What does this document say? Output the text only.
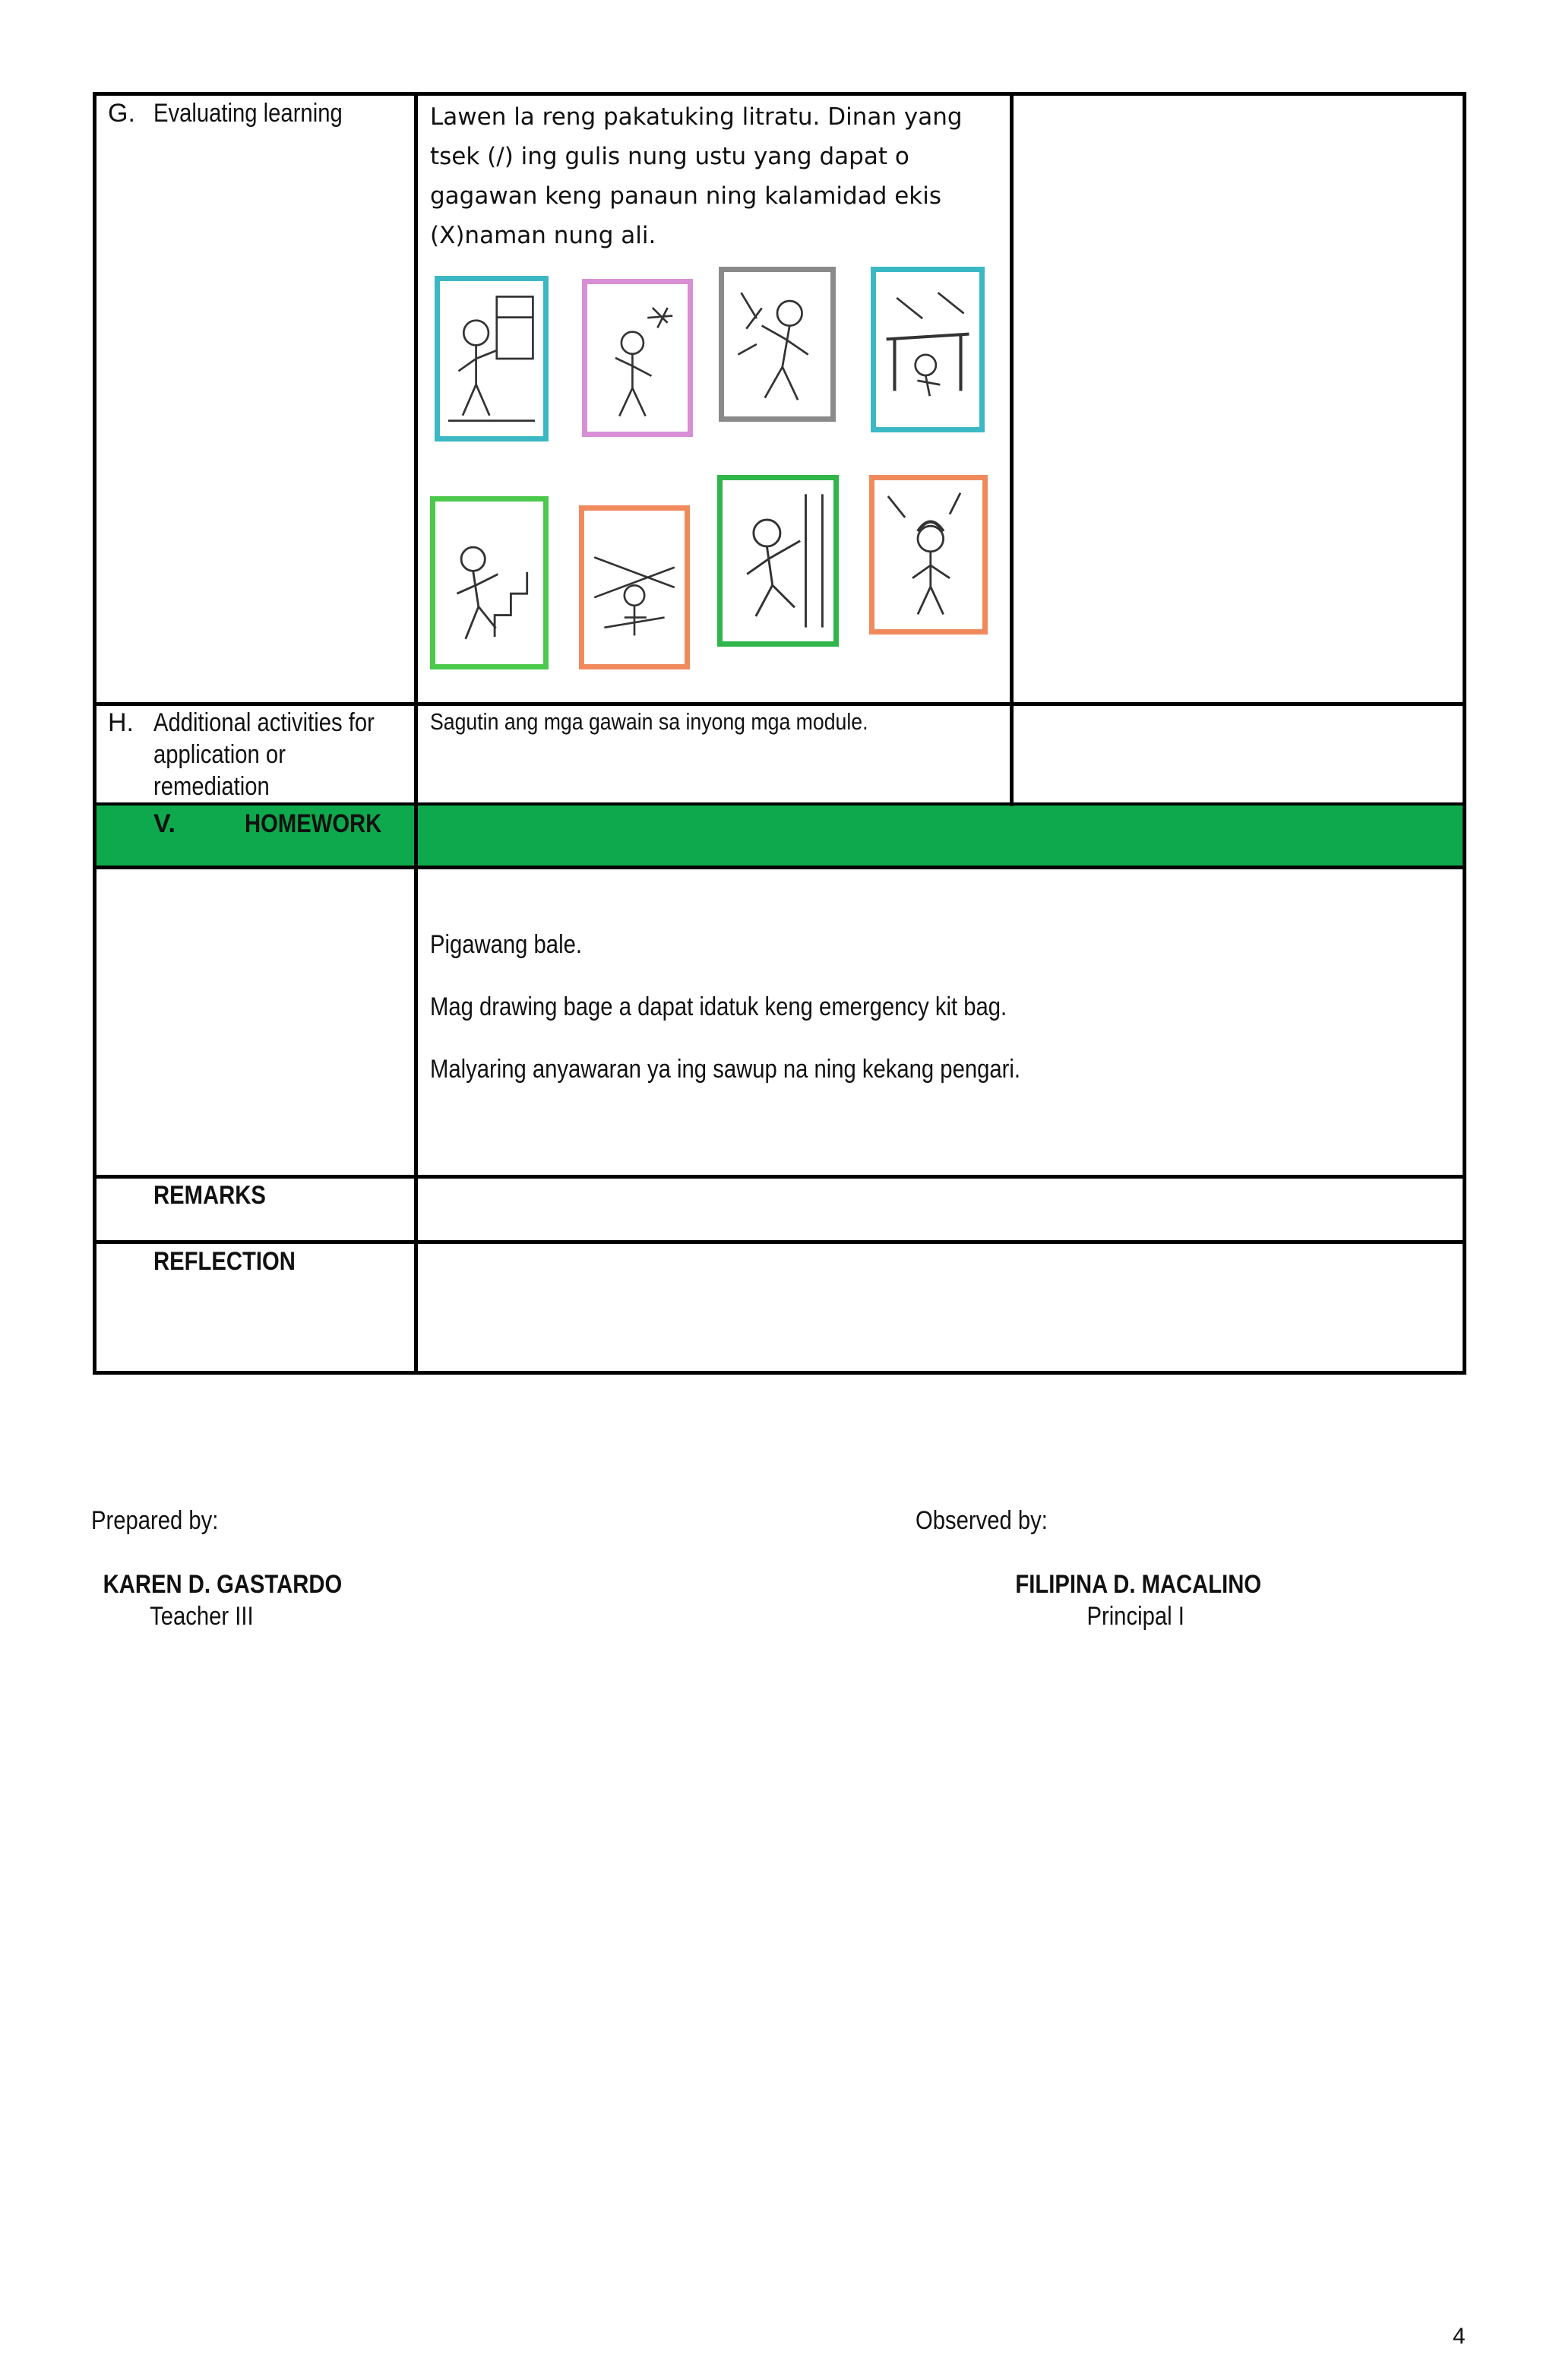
G. Evaluating learning	Lawen la reng pakatuking litratu. Dinan yang tsek (/) ing gulis nung ustu yang dapat o gagawan keng panaun ning kalamidad ekis (X)naman nung ali.
H. Additional activities for
application or
remediation
Sagutin ang mga gawain sa inyong mga module.
V.	HOMEWORK
Pigawang bale.
Mag drawing bage a dapat idatuk keng emergency kit bag.
Malyaring anyawaran ya ing sawup na ning kekang pengari.
REMARKS
REFLECTION
Prepared by:
KAREN D. GASTARDO
Teacher III
Observed by:
FILIPINA D. MACALINO
Principal I
4
